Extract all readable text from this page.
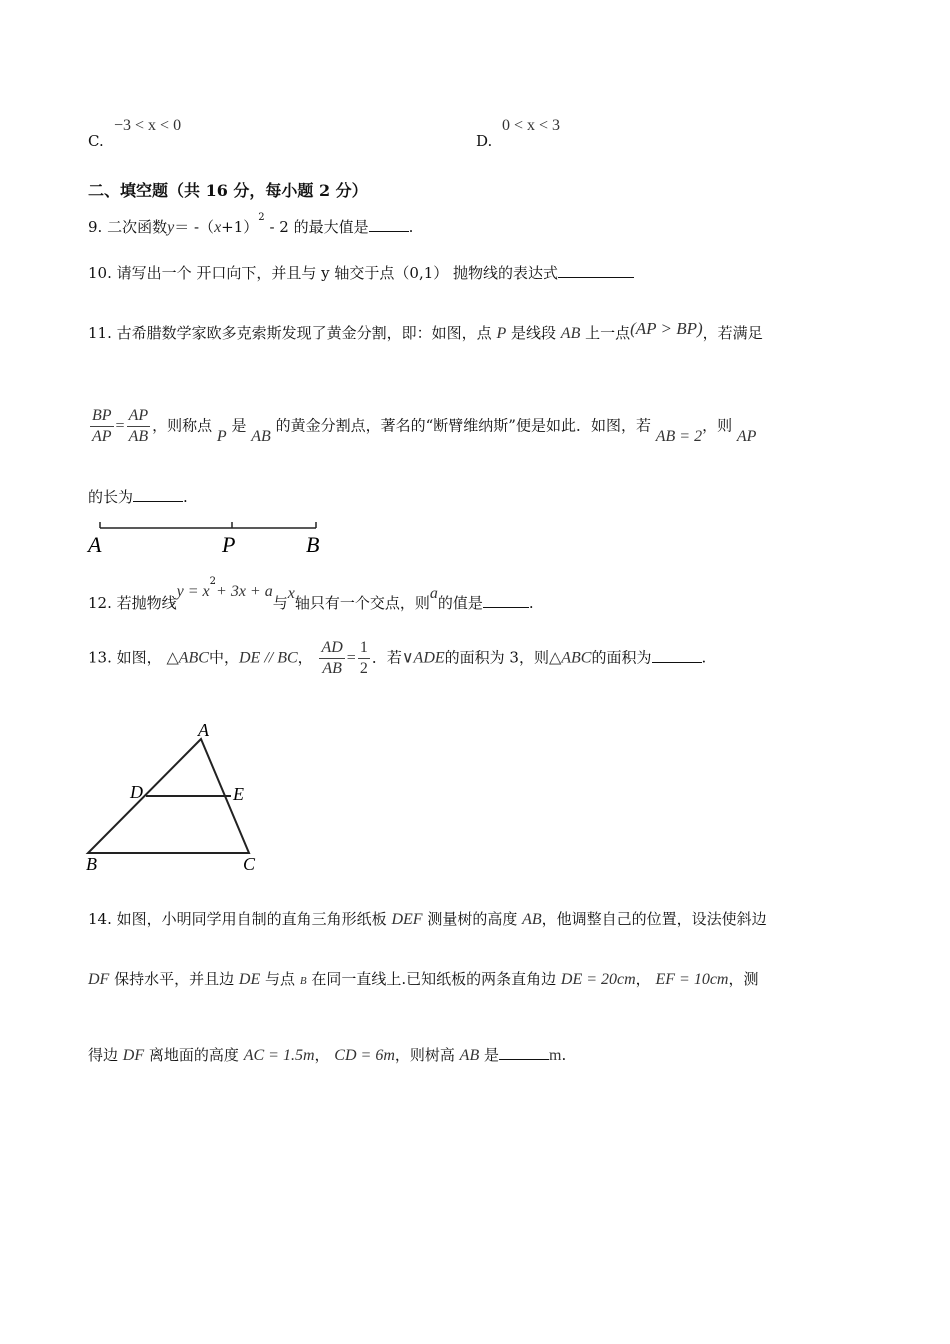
C.
−3 < x < 0
D.
0 < x < 3
二、填空题（共 16 分，每小题 2 分）
9. 二次函数$y= -(x+1)^2 - 2$ 的最大值是	.
10. 请写出一个 开口向下，并且与 y 轴交于点（0,1） 抛物线的表达式
11. 古希腊数学家欧多克索斯发现了黄金分割，即：如图，点 P 是线段 AB 上一点(AP > BP)，若满足
$\frac{BP}{AP} = \frac{AP}{AB}$ ，则称点 P 是 AB 的黄金分割点，著名的“断臂维纳斯”便是如此．如图，若 AB = 2，则 AP
的长为	.
A	P	B
12. 若抛物线$y = x^2+ 3x + a$与x轴只有一个交点，则a的值是	.
13. 如图， △ABC中，DE // BC， $\frac{AD}{AB} = \frac{1}{2}$ ．若∨ADE的面积为 3，则△ABC的面积为	.
A
D	E
B	C
14. 如图，小明同学用自制的直角三角形纸板 DEF 测量树的高度 AB，他调整自己的位置，设法使斜边
DF 保持水平，并且边 DE 与点 B 在同一直线上.已知纸板的两条直角边 DE = 20cm， EF = 10cm，测
得边 DF 离地面的高度 AC = 1.5m， CD = 6m，则树高 AB 是	m.
